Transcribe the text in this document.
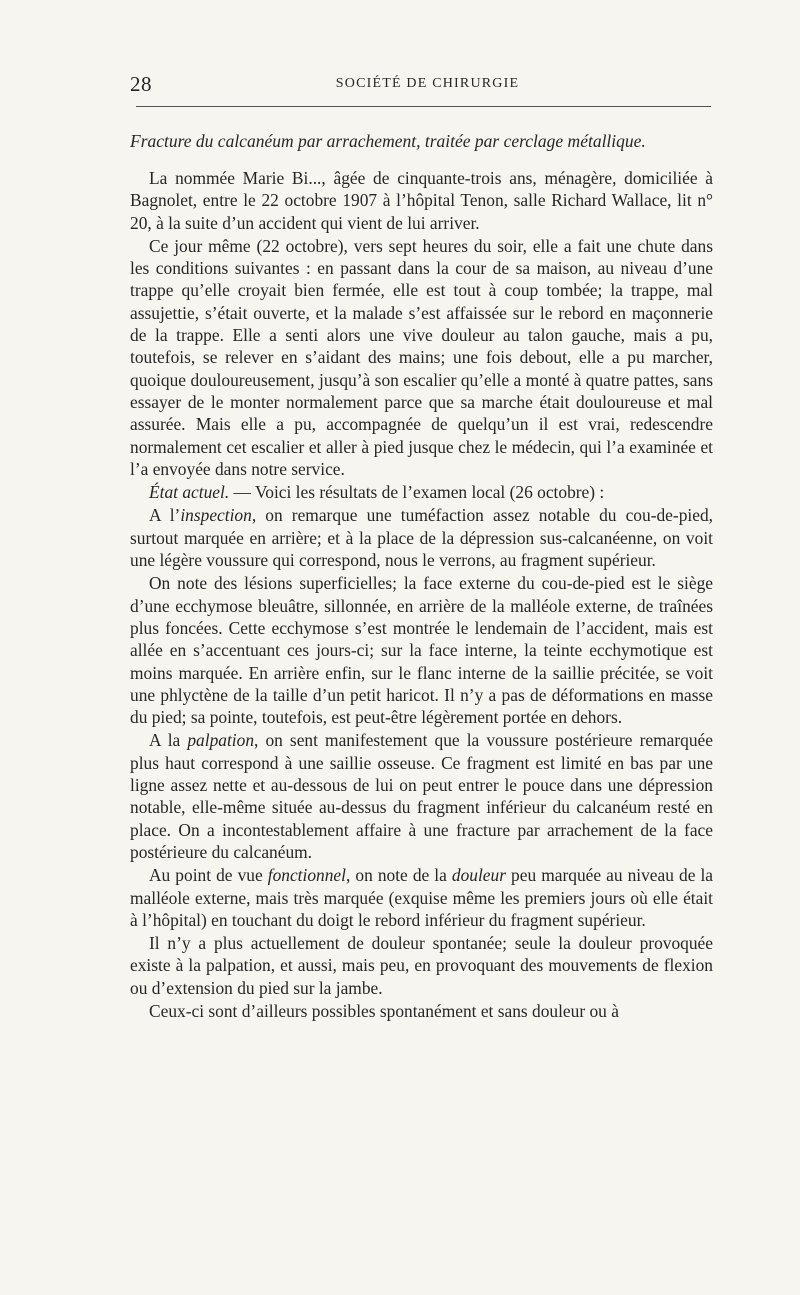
28	SOCIÉTÉ DE CHIRURGIE
Fracture du calcanéum par arrachement, traitée par cerclage métallique.

La nommée Marie Bi..., âgée de cinquante-trois ans, ménagère, domiciliée à Bagnolet, entre le 22 octobre 1907 à l’hôpital Tenon, salle Richard Wallace, lit n° 20, à la suite d’un accident qui vient de lui arriver.

Ce jour même (22 octobre), vers sept heures du soir, elle a fait une chute dans les conditions suivantes : en passant dans la cour de sa maison, au niveau d’une trappe qu’elle croyait bien fermée, elle est tout à coup tombée; la trappe, mal assujettie, s’était ouverte, et la malade s’est affaissée sur le rebord en maçonnerie de la trappe. Elle a senti alors une vive douleur au talon gauche, mais a pu, toutefois, se relever en s’aidant des mains; une fois debout, elle a pu marcher, quoique douloureusement, jusqu’à son escalier qu’elle a monté à quatre pattes, sans essayer de le monter normalement parce que sa marche était douloureuse et mal assurée. Mais elle a pu, accompagnée de quelqu’un il est vrai, redescendre normalement cet escalier et aller à pied jusque chez le médecin, qui l’a examinée et l’a envoyée dans notre service.

État actuel. — Voici les résultats de l’examen local (26 octobre) :

A l’inspection, on remarque une tuméfaction assez notable du cou-de-pied, surtout marquée en arrière; et à la place de la dépression sus-calcanéenne, on voit une légère voussure qui correspond, nous le verrons, au fragment supérieur.

On note des lésions superficielles; la face externe du cou-de-pied est le siège d’une ecchymose bleuâtre, sillonnée, en arrière de la malléole externe, de traînées plus foncées. Cette ecchymose s’est montrée le lendemain de l’accident, mais est allée en s’accentuant ces jours-ci; sur la face interne, la teinte ecchymotique est moins marquée. En arrière enfin, sur le flanc interne de la saillie précitée, se voit une phlyctène de la taille d’un petit haricot. Il n’y a pas de déformations en masse du pied; sa pointe, toutefois, est peut-être légèrement portée en dehors.

A la palpation, on sent manifestement que la voussure postérieure remarquée plus haut correspond à une saillie osseuse. Ce fragment est limité en bas par une ligne assez nette et au-dessous de lui on peut entrer le pouce dans une dépression notable, elle-même située au-dessus du fragment inférieur du calcanéum resté en place. On a incontestablement affaire à une fracture par arrachement de la face postérieure du calcanéum.

Au point de vue fonctionnel, on note de la douleur peu marquée au niveau de la malléole externe, mais très marquée (exquise même les premiers jours où elle était à l’hôpital) en touchant du doigt le rebord inférieur du fragment supérieur.

Il n’y a plus actuellement de douleur spontanée; seule la douleur provoquée existe à la palpation, et aussi, mais peu, en provoquant des mouvements de flexion ou d’extension du pied sur la jambe.

Ceux-ci sont d’ailleurs possibles spontanément et sans douleur ou à
